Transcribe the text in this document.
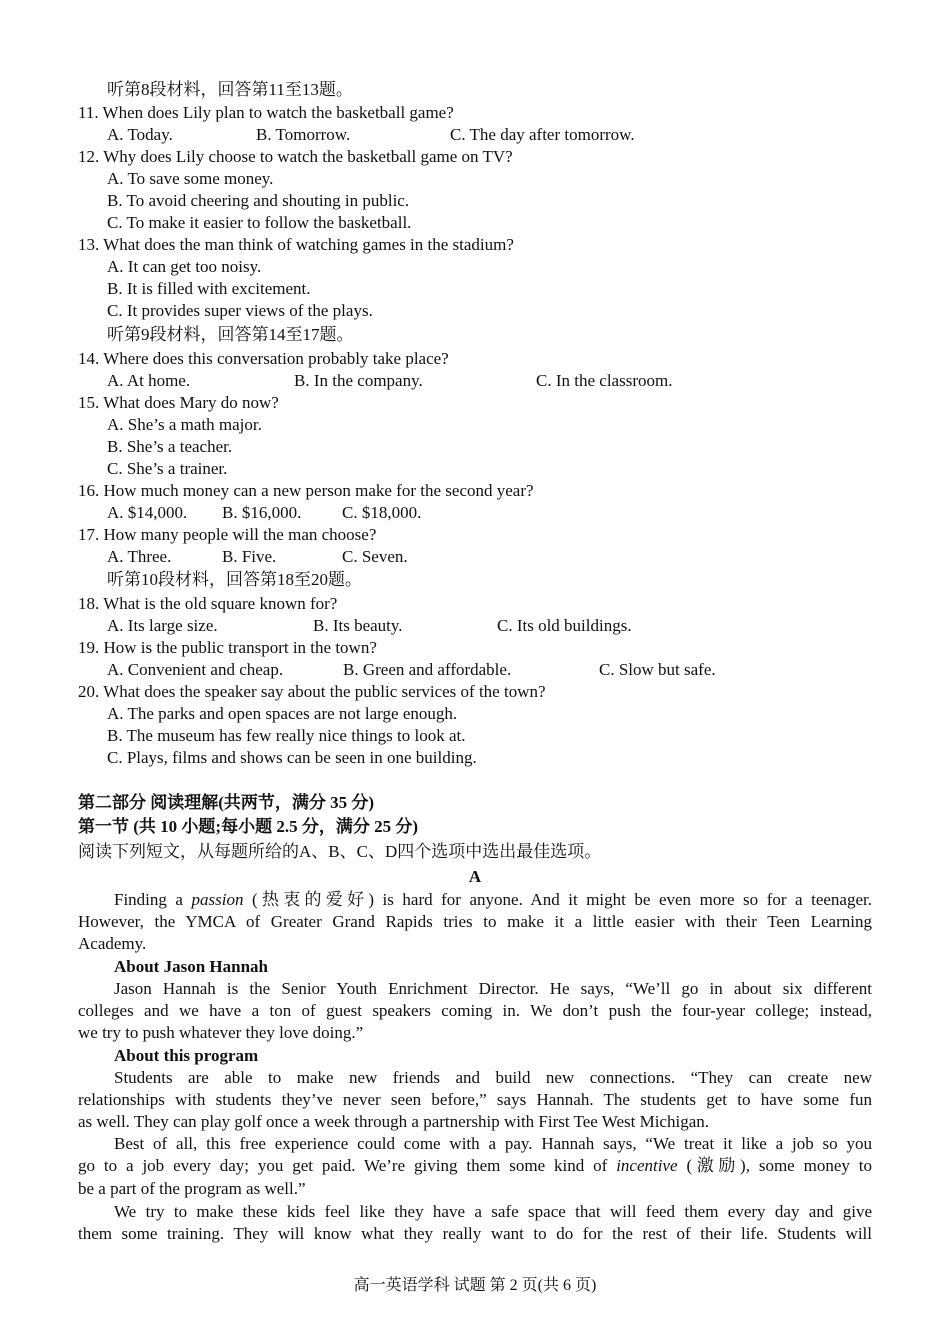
听第8段材料，回答第11至13题。
11. When does Lily plan to watch the basketball game?
A. Today.	B. Tomorrow.	C. The day after tomorrow.
12. Why does Lily choose to watch the basketball game on TV?
A. To save some money.
B. To avoid cheering and shouting in public.
C. To make it easier to follow the basketball.
13. What does the man think of watching games in the stadium?
A. It can get too noisy.
B. It is filled with excitement.
C. It provides super views of the plays.
听第9段材料，回答第14至17题。
14. Where does this conversation probably take place?
A. At home.	B. In the company.	C. In the classroom.
15. What does Mary do now?
A. She’s a math major.
B. She’s a teacher.
C. She’s a trainer.
16. How much money can a new person make for the second year?
A. $14,000. B. $16,000. C. $18,000.
17. How many people will the man choose?
A. Three.	B. Five.	C. Seven.
听第10段材料，回答第18至20题。
18. What is the old square known for?
A. Its large size.	B. Its beauty.	C. Its old buildings.
19. How is the public transport in the town?
A. Convenient and cheap.	B. Green and affordable.	C. Slow but safe.
20. What does the speaker say about the public services of the town?
A. The parks and open spaces are not large enough.
B. The museum has few really nice things to look at.
C. Plays, films and shows can be seen in one building.
第二部分 阅读理解(共两节，满分 35 分)
第一节 (共 10 小题;每小题 2.5 分，满分 25 分)
阅读下列短文，从每题所给的A、B、C、D四个选项中选出最佳选项。
A
Finding a passion (热衷的爱好) is hard for anyone. And it might be even more so for a teenager.
However, the YMCA of Greater Grand Rapids tries to make it a little easier with their Teen Learning
Academy.
About Jason Hannah
Jason Hannah is the Senior Youth Enrichment Director. He says, “We’ll go in about six different
colleges and we have a ton of guest speakers coming in. We don’t push the four-year college; instead,
we try to push whatever they love doing.”
About this program
Students are able to make new friends and build new connections. “They can create new
relationships with students they’ve never seen before,” says Hannah. The students get to have some fun
as well. They can play golf once a week through a partnership with First Tee West Michigan.
Best of all, this free experience could come with a pay. Hannah says, “We treat it like a job so you
go to a job every day; you get paid. We’re giving them some kind of incentive (激励), some money to
be a part of the program as well.”
We try to make these kids feel like they have a safe space that will feed them every day and give
them some training. They will know what they really want to do for the rest of their life. Students will
高一英语学科 试题 第 2 页(共 6 页)
